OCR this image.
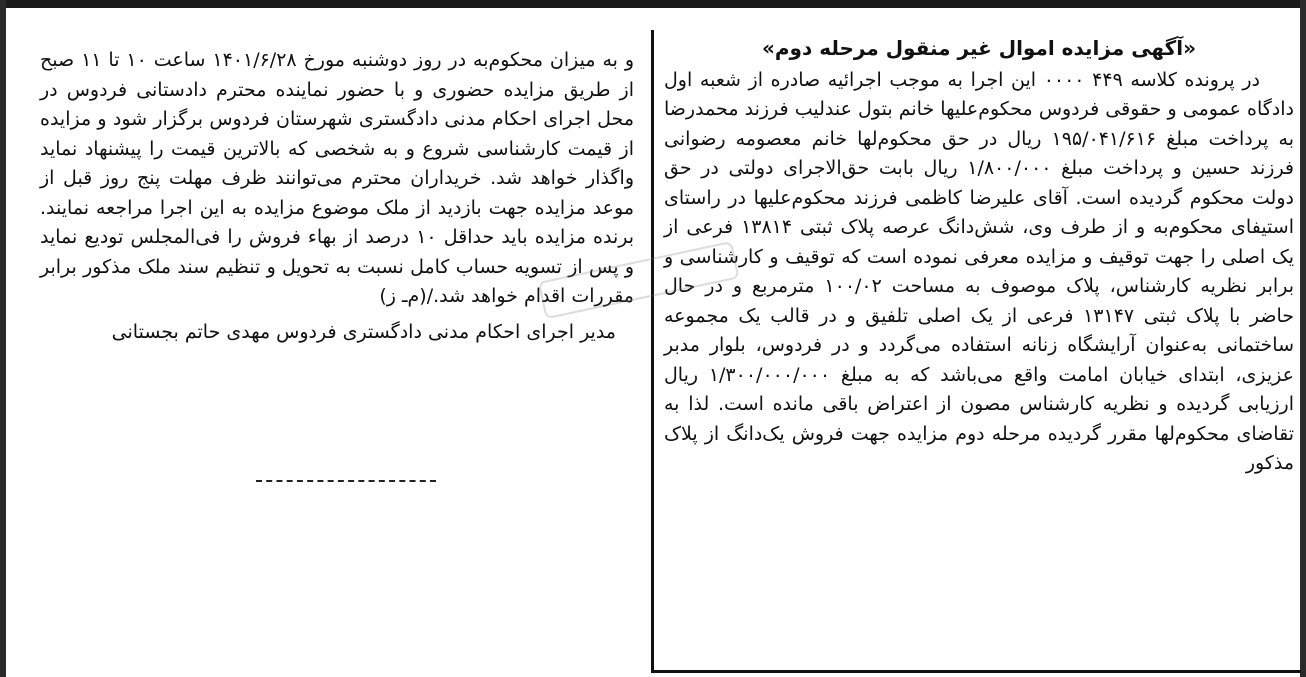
«آگهی مزایده اموال غیر منقول مرحله دوم»

در پرونده کلاسه ۴۴۹ ۰۰۰۰ این اجرا به موجب اجرائیه صادره از شعبه اول دادگاه عمومی و حقوقی فردوس محکوم‌علیها خانم بتول عندلیب فرزند محمدرضا به پرداخت مبلغ ۱۹۵/۰۴۱/۶۱۶ ریال در حق محکوم‌لها خانم معصومه رضوانی فرزند حسین و پرداخت مبلغ ۱/۸۰۰/۰۰۰ ریال بابت حق‌الاجرای دولتی در حق دولت محکوم گردیده است. آقای علیرضا کاظمی فرزند محکوم‌علیها در راستای استیفای محکوم‌به و از طرف وی، شش‌دانگ عرصه پلاک ثبتی ۱۳۸۱۴ فرعی از یک اصلی را جهت توقیف و مزایده معرفی نموده است که توقیف و کارشناسی و برابر نظریه کارشناس، پلاک موصوف به مساحت ۱۰۰/۰۲ مترمربع و در حال حاضر با پلاک ثبتی ۱۳۱۴۷ فرعی از یک اصلی تلفیق و در قالب یک مجموعه ساختمانی به‌عنوان آرایشگاه زنانه استفاده می‌گردد و در فردوس، بلوار مدبر عزیزی، ابتدای خیابان امامت واقع می‌باشد که به مبلغ ۱/۳۰۰/۰۰۰/۰۰۰ ریال ارزیابی گردیده و نظریه کارشناس مصون از اعتراض باقی مانده است. لذا به تقاضای محکوم‌لها مقرر گردیده مرحله دوم مزایده جهت فروش یک‌دانگ از پلاک مذکور

و به میزان محکوم‌به در روز دوشنبه مورخ ۱۴۰۱/۶/۲۸ ساعت ۱۰ تا ۱۱ صبح از طریق مزایده حضوری و با حضور نماینده محترم دادستانی فردوس در محل اجرای احکام مدنی دادگستری شهرستان فردوس برگزار شود و مزایده از قیمت کارشناسی شروع و به شخصی که بالاترین قیمت را پیشنهاد نماید واگذار خواهد شد. خریداران محترم می‌توانند ظرف مهلت پنج روز قبل از موعد مزایده جهت بازدید از ملک موضوع مزایده به این اجرا مراجعه نمایند. برنده مزایده باید حداقل ۱۰ درصد از بهاء فروش را فی‌المجلس تودیع نماید و پس از تسویه حساب کامل نسبت به تحویل و تنظیم سند ملک مذکور برابر مقررات اقدام خواهد شد./(م‌ـ ز)

مدیر اجرای احکام مدنی دادگستری فردوس مهدی حاتم بجستانی
